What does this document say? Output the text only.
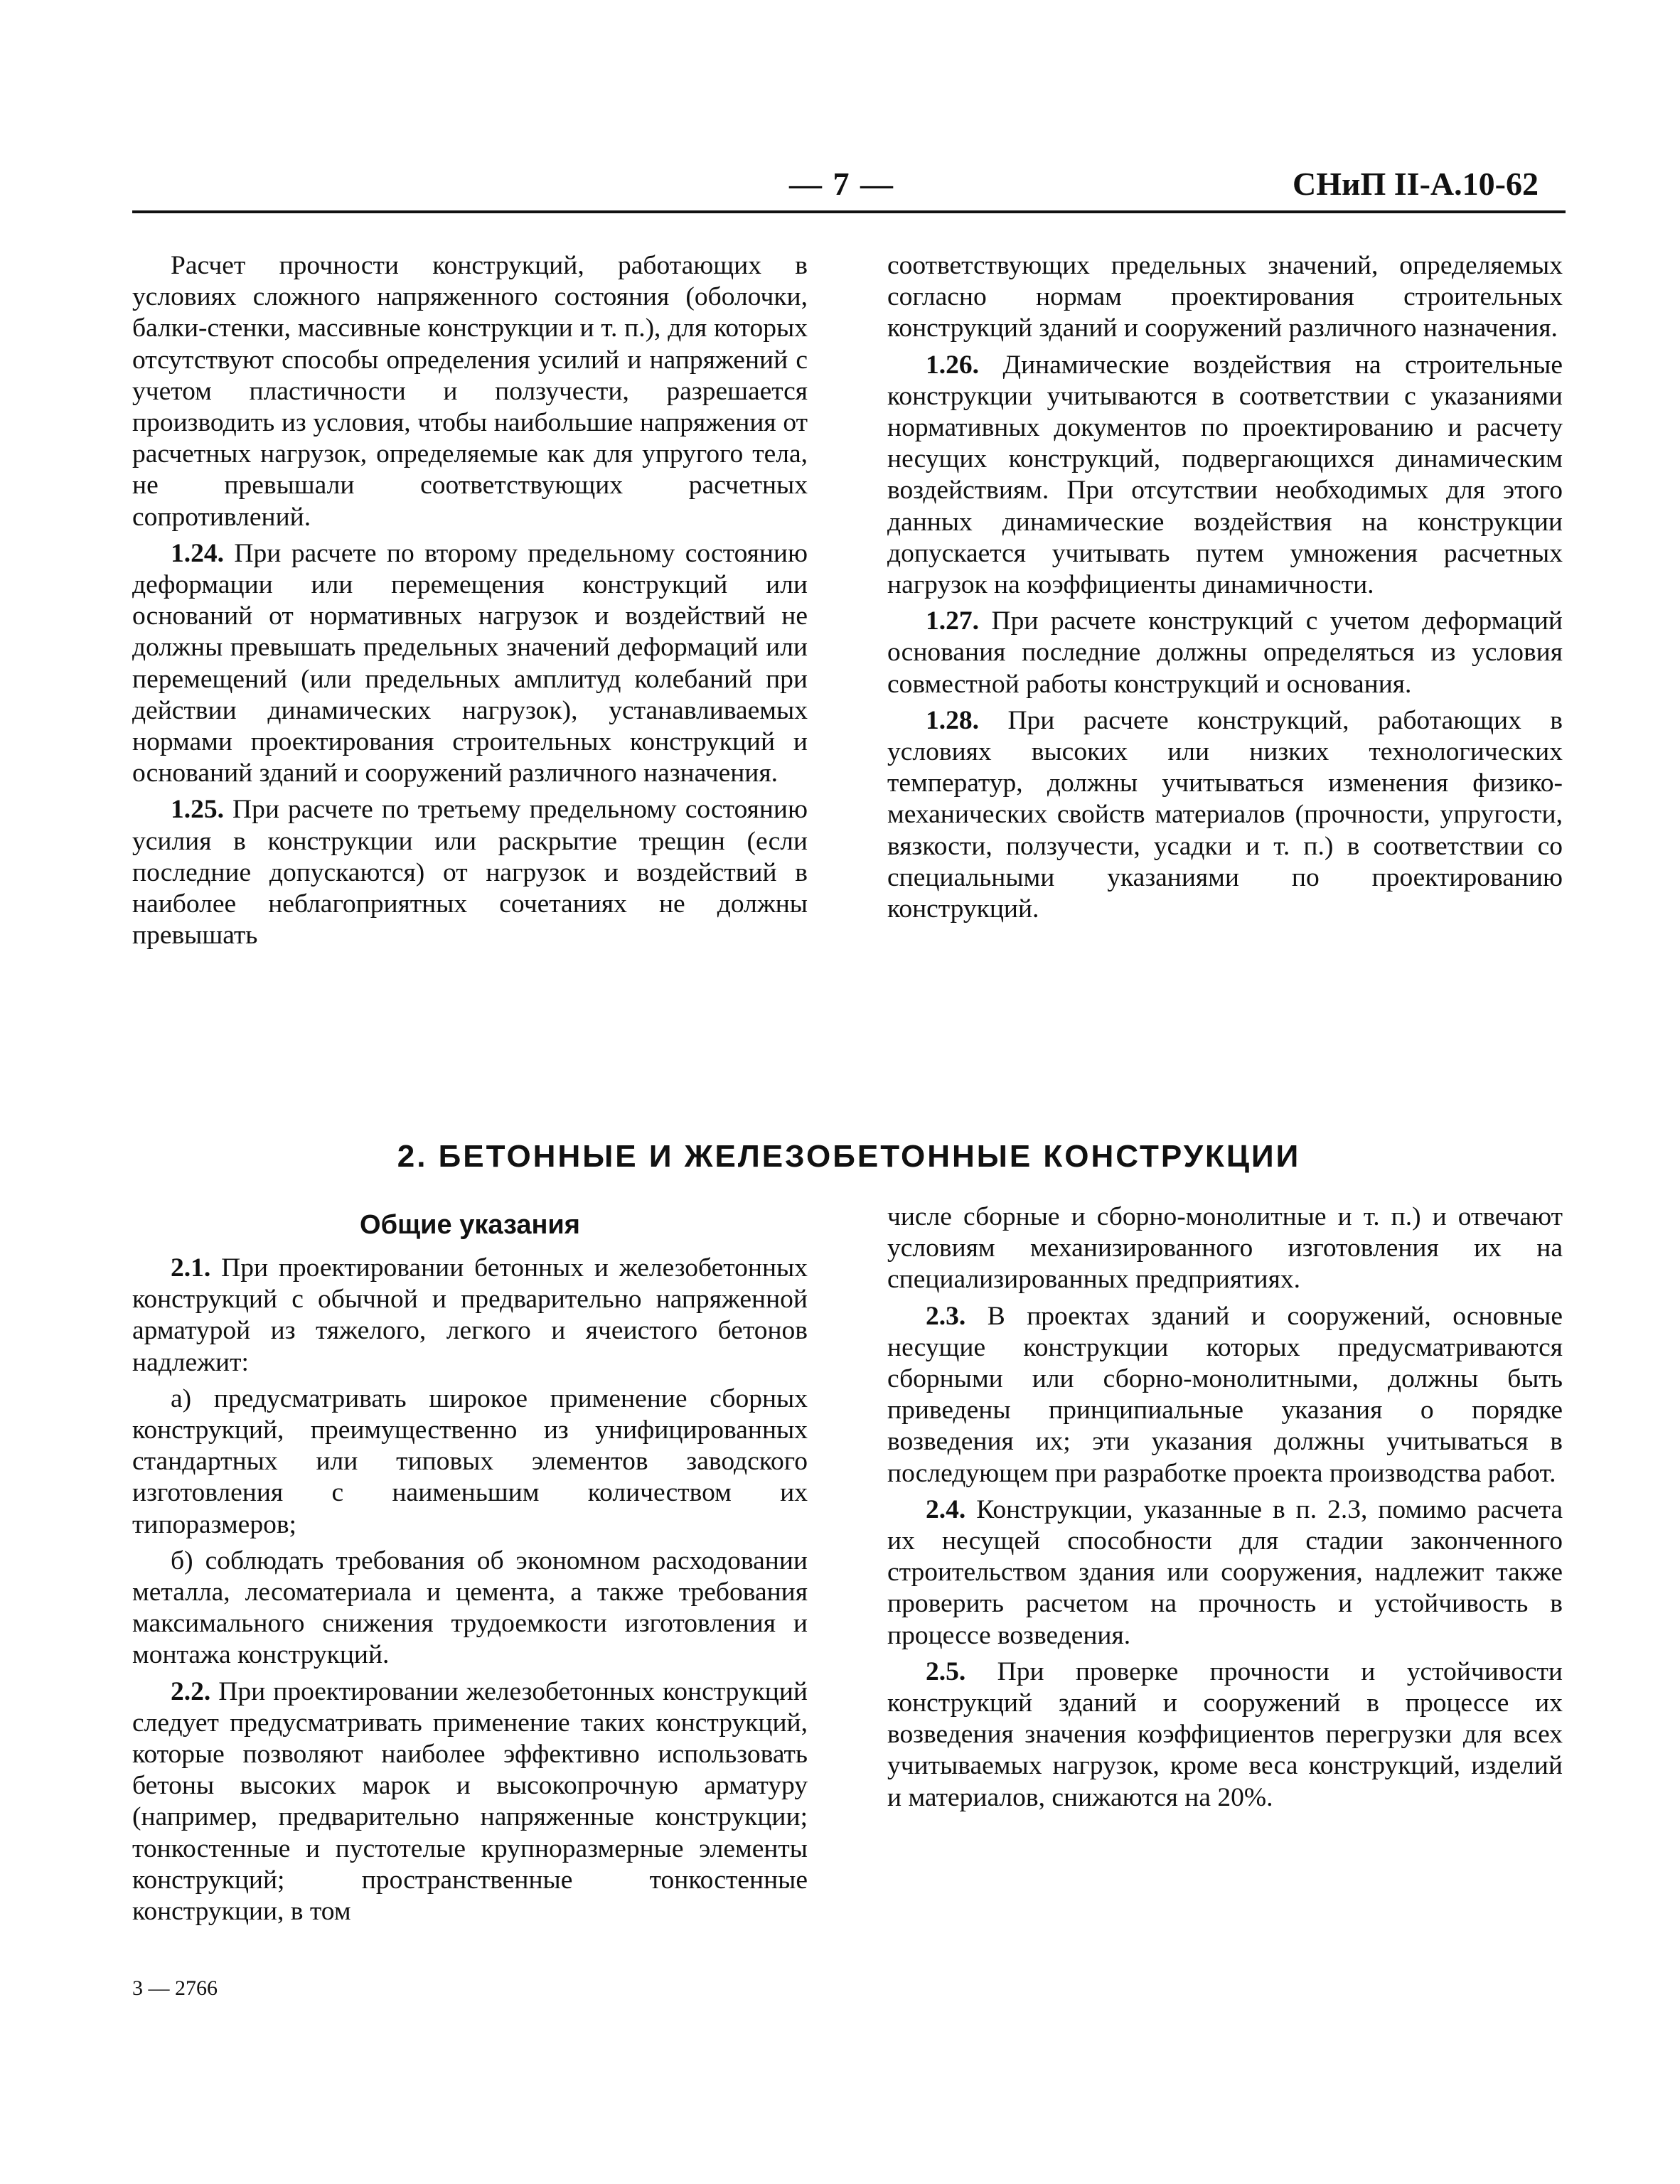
— 7 —	СНиП II-А.10-62

Расчет прочности конструкций, работающих в условиях сложного напряженного состояния (оболочки, балки-стенки, массивные конструкции и т. п.), для которых отсутствуют способы определения усилий и напряжений с учетом пластичности и ползучести, разрешается производить из условия, чтобы наибольшие напряжения от расчетных нагрузок, определяемые как для упругого тела, не превышали соответствующих расчетных сопротивлений.

1.24. При расчете по второму предельному состоянию деформации или перемещения конструкций или оснований от нормативных нагрузок и воздействий не должны превышать предельных значений деформаций или перемещений (или предельных амплитуд колебаний при действии динамических нагрузок), устанавливаемых нормами проектирования строительных конструкций и оснований зданий и сооружений различного назначения.

1.25. При расчете по третьему предельному состоянию усилия в конструкции или раскрытие трещин (если последние допускаются) от нагрузок и воздействий в наиболее неблагоприятных сочетаниях не должны превышать

соответствующих предельных значений, определяемых согласно нормам проектирования строительных конструкций зданий и сооружений различного назначения.

1.26. Динамические воздействия на строительные конструкции учитываются в соответствии с указаниями нормативных документов по проектированию и расчету несущих конструкций, подвергающихся динамическим воздействиям. При отсутствии необходимых для этого данных динамические воздействия на конструкции допускается учитывать путем умножения расчетных нагрузок на коэффициенты динамичности.

1.27. При расчете конструкций с учетом деформаций основания последние должны определяться из условия совместной работы конструкций и основания.

1.28. При расчете конструкций, работающих в условиях высоких или низких технологических температур, должны учитываться изменения физико-механических свойств материалов (прочности, упругости, вязкости, ползучести, усадки и т. п.) в соответствии со специальными указаниями по проектированию конструкций.

2. БЕТОННЫЕ И ЖЕЛЕЗОБЕТОННЫЕ КОНСТРУКЦИИ
Общие указания

2.1. При проектировании бетонных и железобетонных конструкций с обычной и предварительно напряженной арматурой из тяжелого, легкого и ячеистого бетонов надлежит:

а) предусматривать широкое применение сборных конструкций, преимущественно из унифицированных стандартных или типовых элементов заводского изготовления с наименьшим количеством их типоразмеров;

б) соблюдать требования об экономном расходовании металла, лесоматериала и цемента, а также требования максимального снижения трудоемкости изготовления и монтажа конструкций.

2.2. При проектировании железобетонных конструкций следует предусматривать применение таких конструкций, которые позволяют наиболее эффективно использовать бетоны высоких марок и высокопрочную арматуру (например, предварительно напряженные конструкции; тонкостенные и пустотелые крупноразмерные элементы конструкций; пространственные тонкостенные конструкции, в том

числе сборные и сборно-монолитные и т. п.) и отвечают условиям механизированного изготовления их на специализированных предприятиях.

2.3. В проектах зданий и сооружений, основные несущие конструкции которых предусматриваются сборными или сборно-монолитными, должны быть приведены принципиальные указания о порядке возведения их; эти указания должны учитываться в последующем при разработке проекта производства работ.

2.4. Конструкции, указанные в п. 2.3, помимо расчета их несущей способности для стадии законченного строительством здания или сооружения, надлежит также проверить расчетом на прочность и устойчивость в процессе возведения.

2.5. При проверке прочности и устойчивости конструкций зданий и сооружений в процессе их возведения значения коэффициентов перегрузки для всех учитываемых нагрузок, кроме веса конструкций, изделий и материалов, снижаются на 20%.

3 — 2766
